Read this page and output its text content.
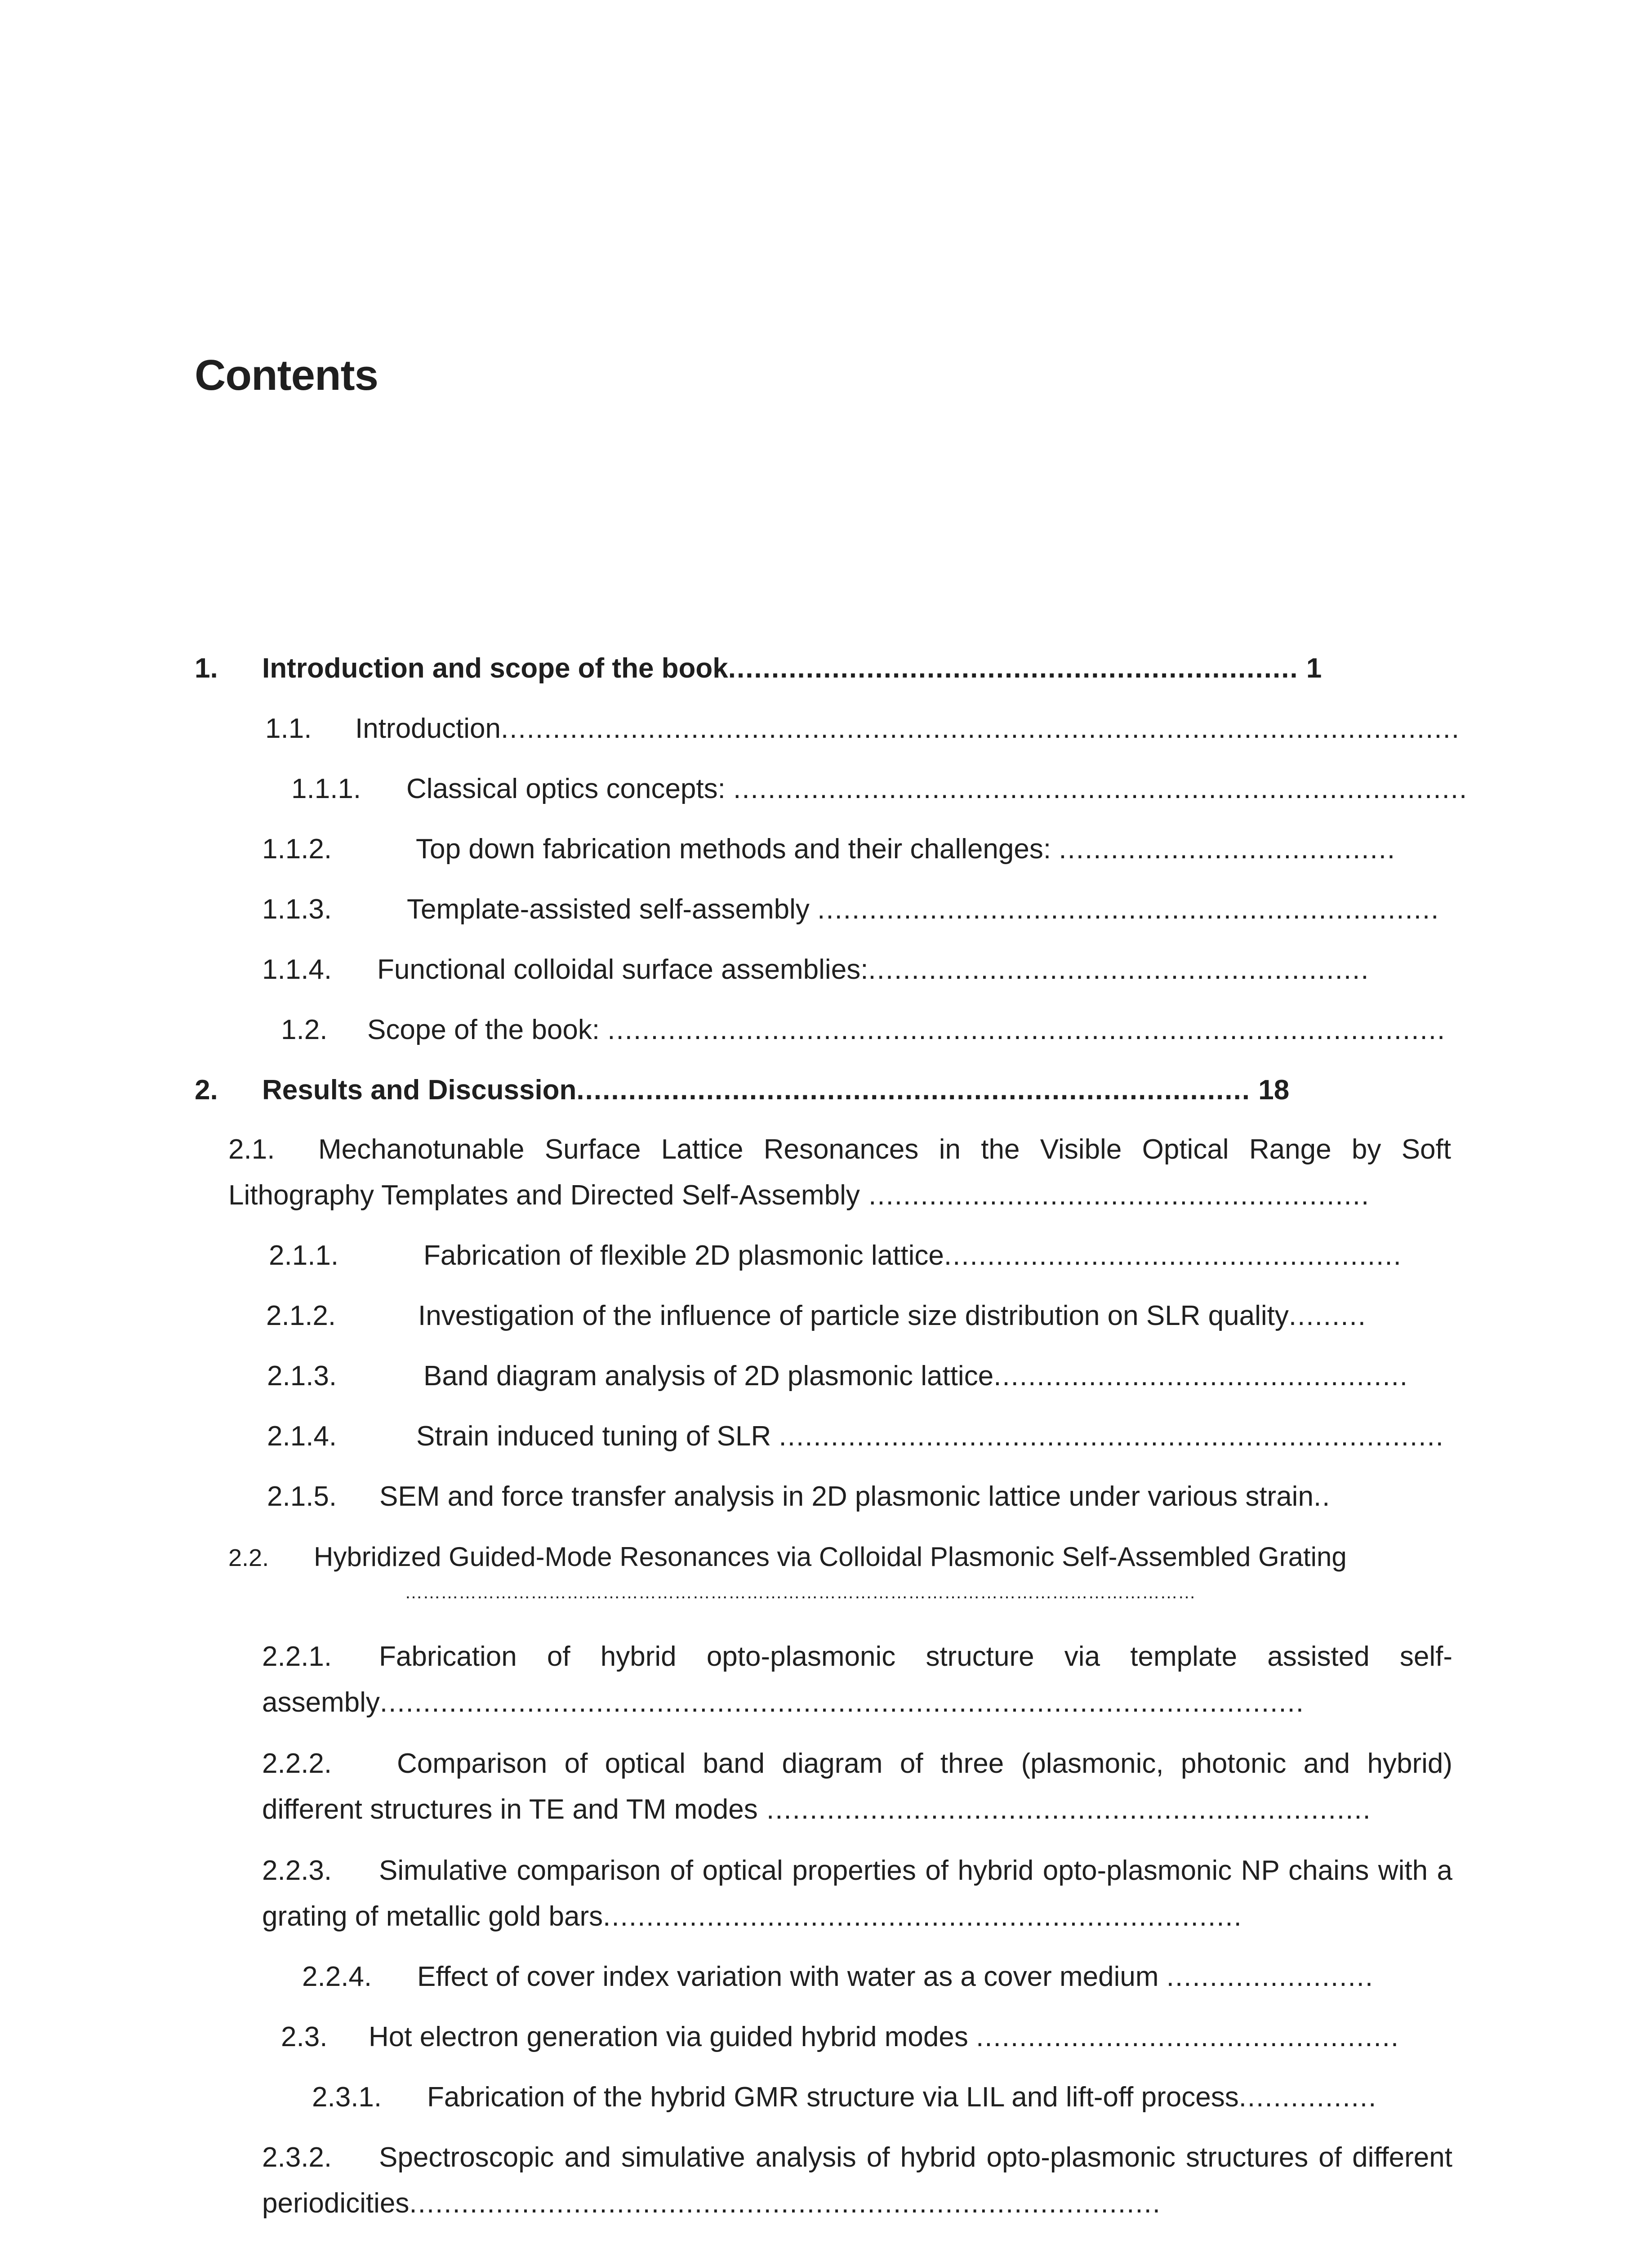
Contents
1. Introduction and scope of the book.................................................................. 1
1.1. Introduction...............................................................................................................
1.1.1. Classical optics concepts: .....................................................................................
1.1.2.	Top down fabrication methods and their challenges: .......................................
1.1.3.	Template-assisted self-assembly ........................................................................
1.1.4. Functional colloidal surface assemblies:..........................................................
1.2. Scope of the book: .................................................................................................
2. Results and Discussion.............................................................................. 18
2.1. Mechanotunable Surface Lattice Resonances in the Visible Optical Range by Soft Lithography Templates and Directed Self-Assembly ..........................................................
2.1.1.	Fabrication of flexible 2D plasmonic lattice.....................................................
2.1.2.	Investigation of the influence of particle size distribution on SLR quality.........
2.1.3.	Band diagram analysis of 2D plasmonic lattice................................................
2.1.4.	Strain induced tuning of SLR .............................................................................
2.1.5. SEM and force transfer analysis in 2D plasmonic lattice under various strain..
2.2. Hybridized Guided-Mode Resonances via Colloidal Plasmonic Self-Assembled Grating
……………………………………………………………………………………………………………………
2.2.1. Fabrication of hybrid opto-plasmonic structure via template assisted self-assembly...........................................................................................................
2.2.2. Comparison of optical band diagram of three (plasmonic, photonic and hybrid) different structures in TE and TM modes ......................................................................
2.2.3. Simulative comparison of optical properties of hybrid opto-plasmonic NP chains with a grating of metallic gold bars..........................................................................
2.2.4. Effect of cover index variation with water as a cover medium ........................
2.3. Hot electron generation via guided hybrid modes .................................................
2.3.1. Fabrication of the hybrid GMR structure via LIL and lift-off process................
2.3.2. Spectroscopic and simulative analysis of hybrid opto-plasmonic structures of different periodicities.......................................................................................
